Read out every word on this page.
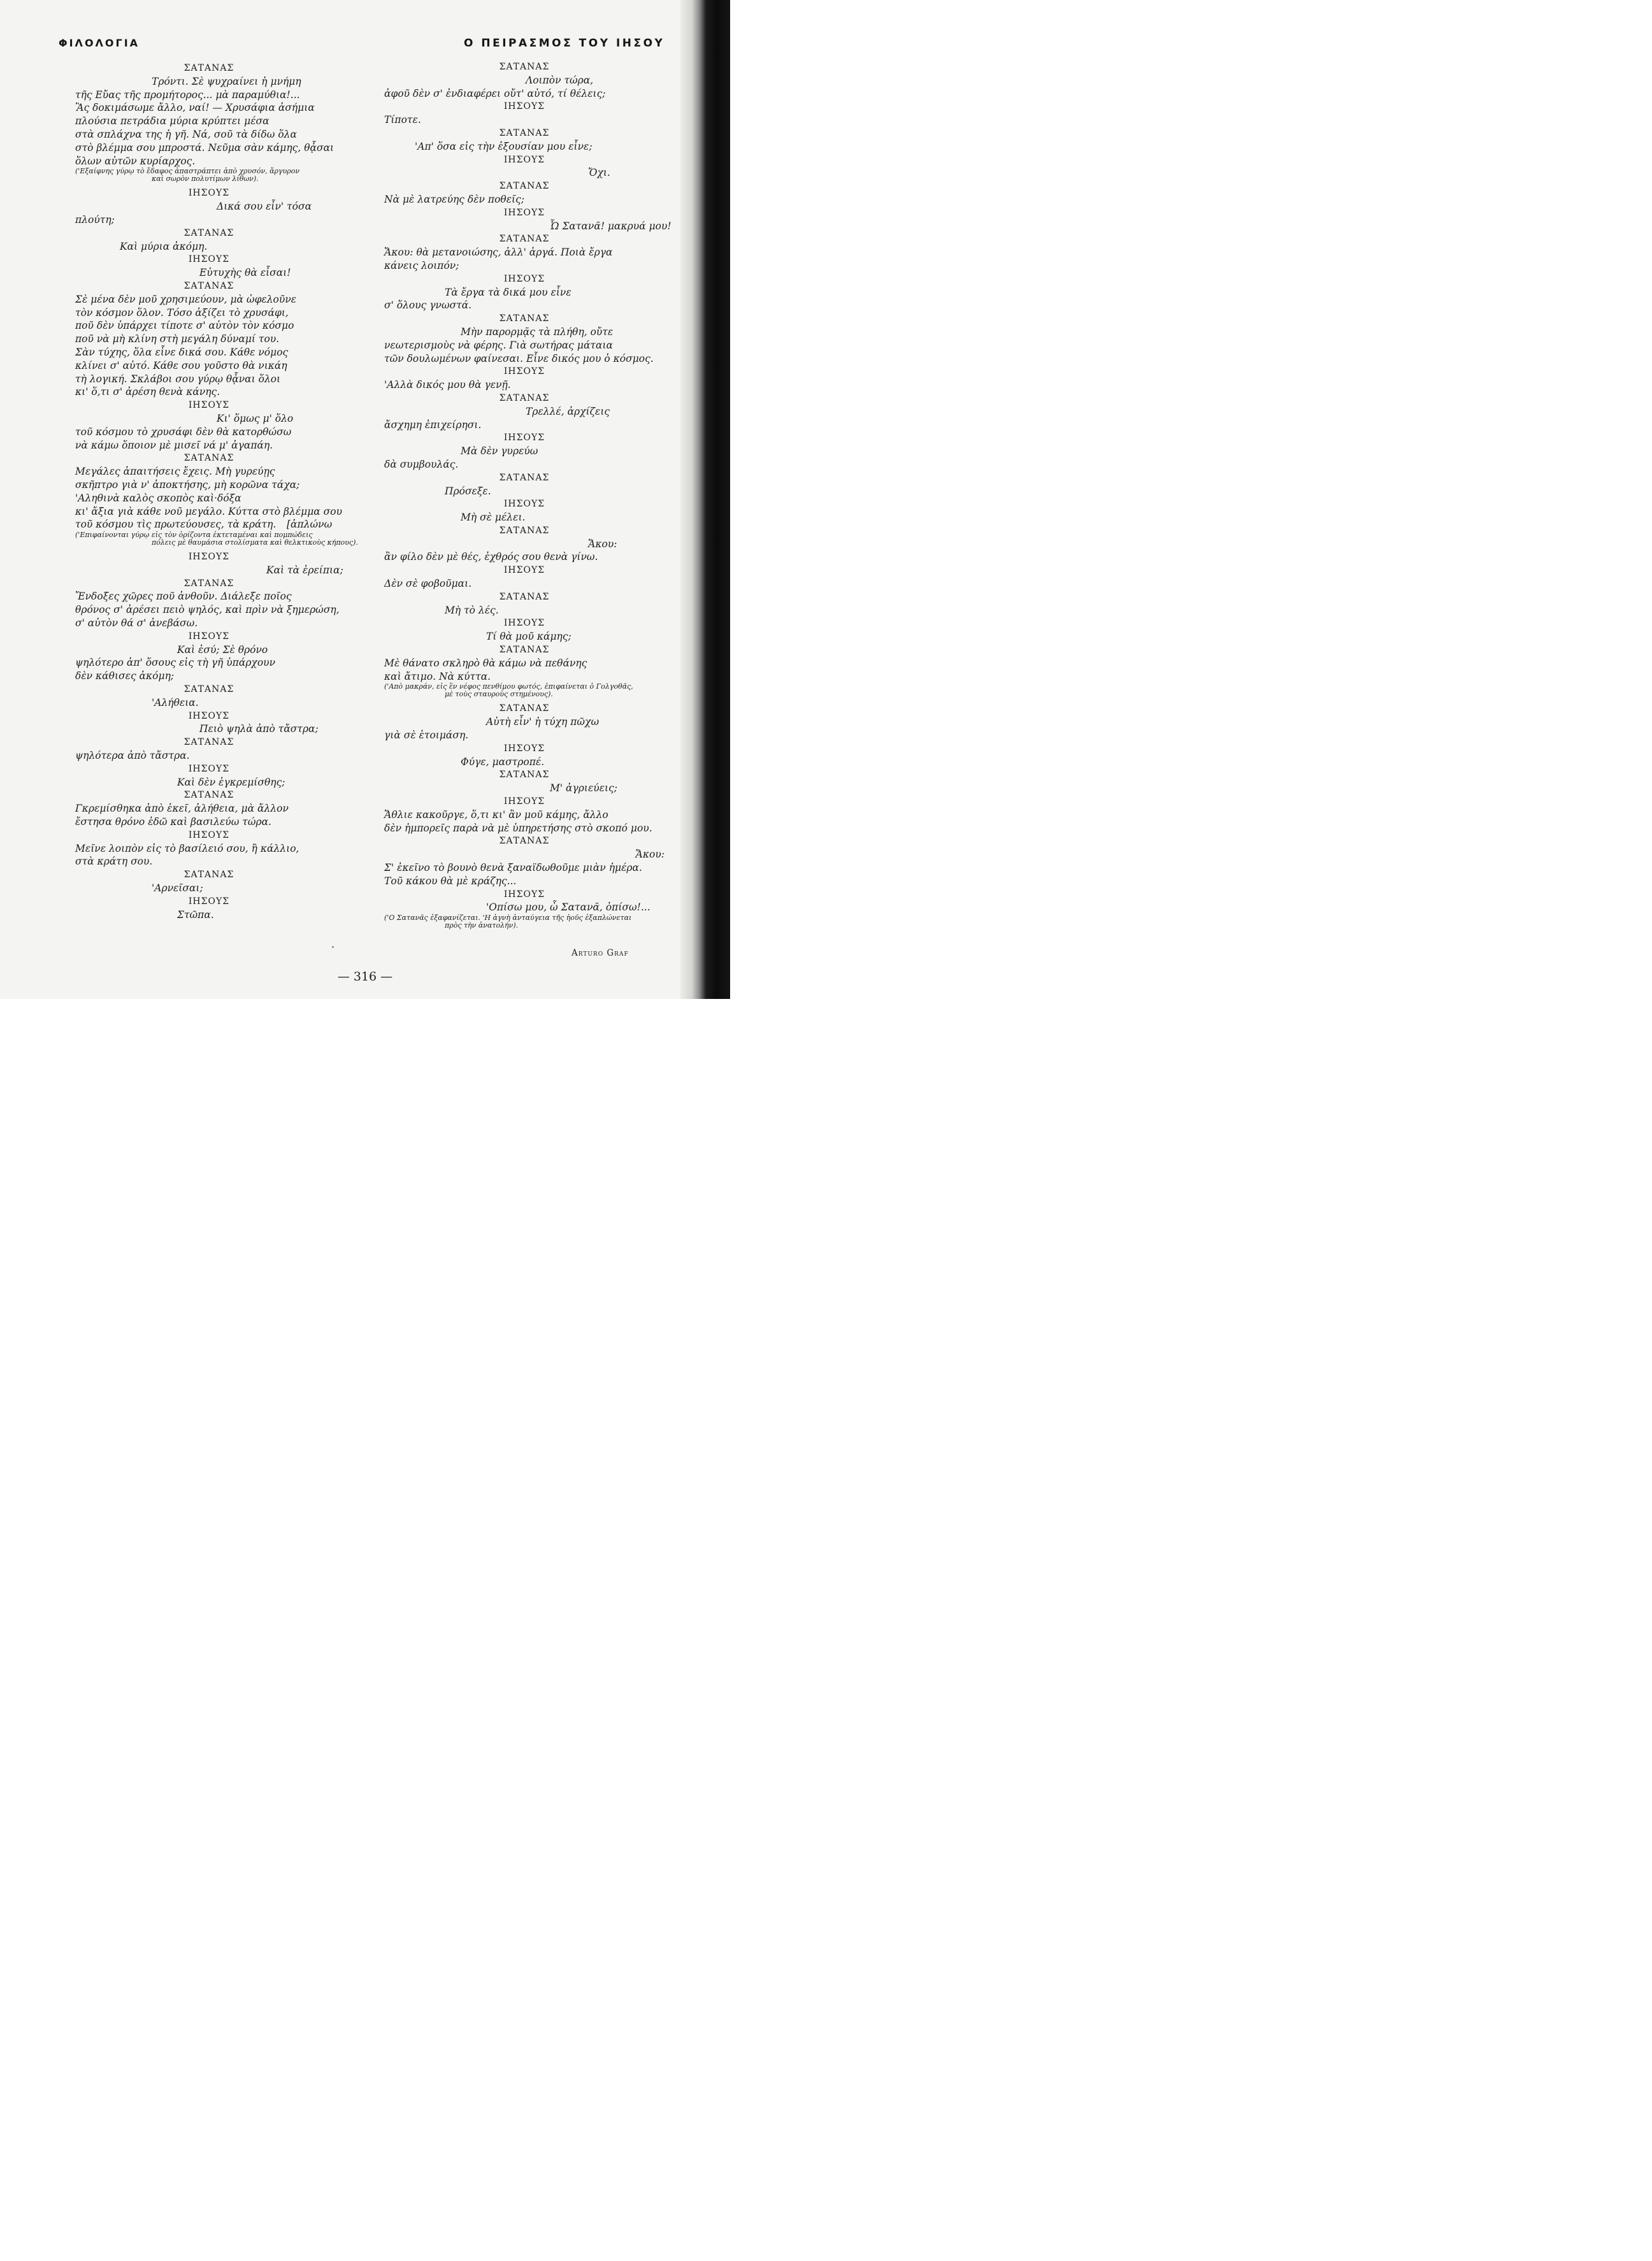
ΦΙΛΟΛΟΓΙΑ	Ο ΠΕΙΡΑΣΜΟΣ ΤΟΥ ΙΗΣΟΥ
ΣΑΤΑΝΑΣ
Τρόντι. Σὲ ψυχραίνει ἡ μνήμη
τῆς Εὔας τῆς προμήτορος... μὰ παραμύθια!...
Ἂς δοκιμάσωμε ἄλλο, ναί! — Χρυσάφια ἀσήμια
πλούσια πετράδια μύρια κρύπτει μέσα
στὰ σπλάχνα της ἡ γῆ. Νά, σοῦ τὰ δίδω ὅλα
στὸ βλέμμα σου μπροστά. Νεῦμα σὰν κάμης, θᾆσαι
ὅλων αὐτῶν κυρίαρχος.
('Εξαίφνης γύρῳ τὸ ἔδαφος ἀπαστράπτει ἀπὸ χρυσόν, ἄργυρον
καὶ σωρὸν πολυτίμων λίθων).
ΙΗΣΟΥΣ
Δικά σου εἶν' τόσα
πλούτη;
ΣΑΤΑΝΑΣ
Καὶ μύρια ἀκόμη.
ΙΗΣΟΥΣ
Εὐτυχὴς θὰ εἶσαι!
ΣΑΤΑΝΑΣ
Σὲ μένα δὲν μοῦ χρησιμεύουν, μὰ ὠφελοῦνε
τὸν κόσμον ὅλον. Τόσο ἀξίζει τὸ χρυσάφι,
ποῦ δὲν ὑπάρχει τίποτε σ' αὐτὸν τὸν κόσμο
ποῦ νὰ μὴ κλίνη στὴ μεγάλη δύναμί του.
Σὰν τύχης, ὅλα εἶνε δικά σου. Κάθε νόμος
κλίνει σ' αὐτό. Κάθε σου γοῦστο θὰ νικάη
τὴ λογική. Σκλάβοι σου γύρῳ θᾆναι ὅλοι
κι' ὅ,τι σ' ἀρέση θενὰ κάνης.
ΙΗΣΟΥΣ
Κι' ὅμως μ' ὅλο
τοῦ κόσμου τὸ χρυσάφι δὲν θὰ κατορθώσω
νὰ κάμω ὅποιον μὲ μισεῖ νά μ' ἀγαπάη.
ΣΑΤΑΝΑΣ
Μεγάλες ἀπαιτήσεις ἔχεις. Μὴ γυρεύῃς
σκῆπτρο γιὰ ν' ἀποκτήσης, μὴ κορῶνα τάχα;
'Αληθινὰ καλὸς σκοπὸς καὶ·δόξα
κι' ἄξια γιὰ κάθε νοῦ μεγάλο. Κύττα στὸ βλέμμα σου
τοῦ κόσμου τὶς πρωτεύουσες, τὰ κράτη. [ἁπλώνω
('Επιφαίνονται γύρῳ εἰς τὸν ὁρίζοντα ἐκτεταμέναι καὶ πομπώδεις
πόλεις μὲ θαυμάσια στολίσματα καὶ θελκτικοὺς κήπους).
ΙΗΣΟΥΣ
Καὶ τὰ ἐρείπια;
ΣΑΤΑΝΑΣ
Ἔνδοξες χῶρες ποῦ ἀνθοῦν. Διάλεξε ποῖος
θρόνος σ' ἀρέσει πειὸ ψηλός, καὶ πρὶν νὰ ξημερώση,
σ' αὐτὸν θά σ' ἀνεβάσω.
ΙΗΣΟΥΣ
Καὶ ἐσύ; Σὲ θρόνο
ψηλότερο ἀπ' ὅσους εἰς τὴ γῆ ὑπάρχουν
δὲν κάθισες ἀκόμη;
ΣΑΤΑΝΑΣ
'Αλήθεια.
ΙΗΣΟΥΣ
Πειὸ ψηλὰ ἀπὸ τἄστρα;
ΣΑΤΑΝΑΣ
ψηλότερα ἀπὸ τἄστρα.
ΙΗΣΟΥΣ
Καὶ δὲν ἐγκρεμίσθης;
ΣΑΤΑΝΑΣ
Γκρεμίσθηκα ἀπὸ ἐκεῖ, ἀλήθεια, μὰ ἄλλον
ἔστησα θρόνο ἐδῶ καὶ βασιλεύω τώρα.
ΙΗΣΟΥΣ
Μεῖνε λοιπὸν εἰς τὸ βασίλειό σου, ἢ κάλλιο,
στὰ κράτη σου.
ΣΑΤΑΝΑΣ
'Αρνεῖσαι;
ΙΗΣΟΥΣ
Στῶπα.
ΣΑΤΑΝΑΣ
Λοιπὸν τώρα,
ἀφοῦ δὲν σ' ἐνδιαφέρει οὔτ' αὐτό, τί θέλεις;
ΙΗΣΟΥΣ
Τίποτε.
ΣΑΤΑΝΑΣ
'Απ' ὅσα εἰς τὴν ἐξουσίαν μου εἶνε;
ΙΗΣΟΥΣ
Ὄχι.
ΣΑΤΑΝΑΣ
Νὰ μὲ λατρεύης δὲν ποθεῖς;
ΙΗΣΟΥΣ
Ὦ Σατανᾶ! μακρυά μου!
ΣΑΤΑΝΑΣ
Ἄκου: θὰ μετανοιώσης, ἀλλ' ἀργά. Ποιὰ ἔργα
κάνεις λοιπόν;
ΙΗΣΟΥΣ
Τὰ ἔργα τὰ δικά μου εἶνε
σ' ὅλους γνωστά.
ΣΑΤΑΝΑΣ
Μὴν παρορμᾷς τὰ πλήθη, οὔτε
νεωτερισμοὺς νὰ φέρης. Γιὰ σωτήρας μάταια
τῶν δουλωμένων φαίνεσαι. Εἶνε δικός μου ὁ κόσμος.
ΙΗΣΟΥΣ
'Αλλὰ δικός μου θὰ γενῇ.
ΣΑΤΑΝΑΣ
Τρελλέ, ἀρχίζεις
ἄσχημη ἐπιχείρησι.
ΙΗΣΟΥΣ
Μὰ δὲν γυρεύω
δὰ συμβουλάς.
ΣΑΤΑΝΑΣ
Πρόσεξε.
ΙΗΣΟΥΣ
Μὴ σὲ μέλει.
ΣΑΤΑΝΑΣ
Ἄκου:
ἂν φίλο δὲν μὲ θές, ἐχθρός σου θενὰ γίνω.
ΙΗΣΟΥΣ
Δὲν σὲ φοβοῦμαι.
ΣΑΤΑΝΑΣ
Μὴ τὸ λές.
ΙΗΣΟΥΣ
Τί θὰ μοῦ κάμης;
ΣΑΤΑΝΑΣ
Μὲ θάνατο σκληρὸ θὰ κάμω νὰ πεθάνης
καὶ ἄτιμο. Νὰ κύττα.
('Απὸ μακράν, εἰς ἓν νέφος πενθίμου φωτός, ἐπιφαίνεται ὁ Γολγοθᾶς,
μὲ τοὺς σταυροὺς στημένους).
ΣΑΤΑΝΑΣ
Αὐτὴ εἶν' ἡ τύχη πῶχω
γιὰ σὲ ἑτοιμάση.
ΙΗΣΟΥΣ
Φύγε, μαστροπέ.
ΣΑΤΑΝΑΣ
Μ' ἀγριεύεις;
ΙΗΣΟΥΣ
Ἄθλιε κακοῦργε, ὅ,τι κι' ἂν μοῦ κάμης, ἄλλο
δὲν ἠμπορεῖς παρὰ νὰ μὲ ὑπηρετήσης στὸ σκοπό μου.
ΣΑΤΑΝΑΣ
Ἄκου:
Σ' ἐκεῖνο τὸ βουνὸ θενὰ ξαναϊδωθοῦμε μιὰν ἡμέρα.
Τοῦ κάκου θὰ μὲ κράζης...
ΙΗΣΟΥΣ
'Οπίσω μου, ὦ Σατανᾶ, ὀπίσω!...
('Ο Σατανᾶς ἐξαφανίζεται. 'Η ἁγνὴ ἀνταύγεια τῆς ἠοῦς ἐξαπλώνεται
πρὸς τὴν ἀνατολήν).
Arturo Graf
— 316 —
